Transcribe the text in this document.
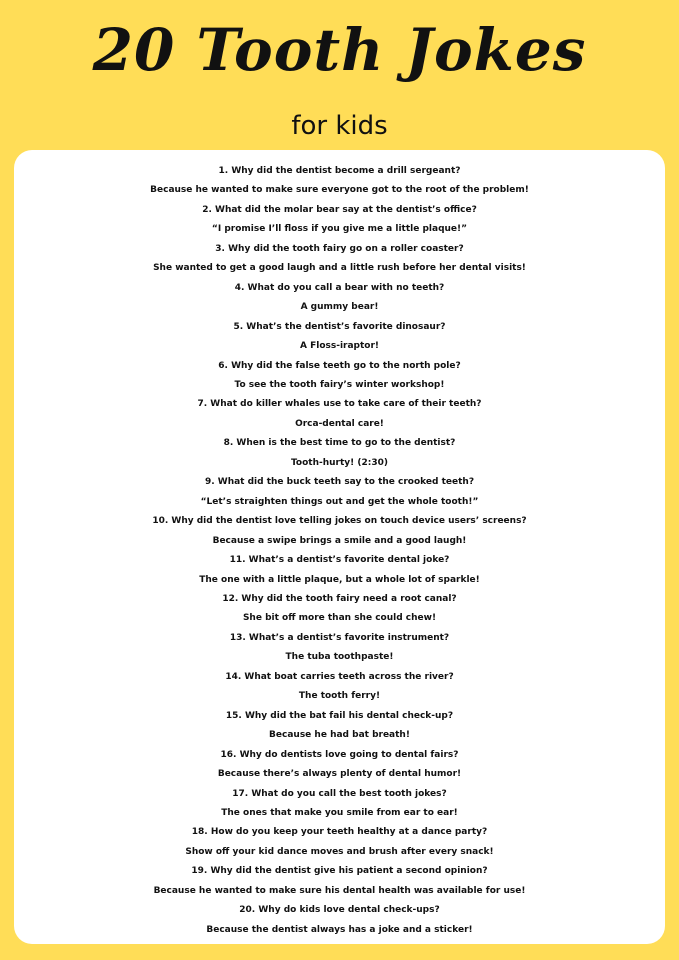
20 Tooth Jokes
for kids
1. Why did the dentist become a drill sergeant?
Because he wanted to make sure everyone got to the root of the problem!
2. What did the molar bear say at the dentist’s office?
“I promise I’ll floss if you give me a little plaque!”
3. Why did the tooth fairy go on a roller coaster?
She wanted to get a good laugh and a little rush before her dental visits!
4. What do you call a bear with no teeth?
A gummy bear!
5. What’s the dentist’s favorite dinosaur?
A Floss-iraptor!
6. Why did the false teeth go to the north pole?
To see the tooth fairy’s winter workshop!
7. What do killer whales use to take care of their teeth?
Orca-dental care!
8. When is the best time to go to the dentist?
Tooth-hurty! (2:30)
9. What did the buck teeth say to the crooked teeth?
“Let’s straighten things out and get the whole tooth!”
10. Why did the dentist love telling jokes on touch device users’ screens?
Because a swipe brings a smile and a good laugh!
11. What’s a dentist’s favorite dental joke?
The one with a little plaque, but a whole lot of sparkle!
12. Why did the tooth fairy need a root canal?
She bit off more than she could chew!
13. What’s a dentist’s favorite instrument?
The tuba toothpaste!
14. What boat carries teeth across the river?
The tooth ferry!
15. Why did the bat fail his dental check-up?
Because he had bat breath!
16. Why do dentists love going to dental fairs?
Because there’s always plenty of dental humor!
17. What do you call the best tooth jokes?
The ones that make you smile from ear to ear!
18. How do you keep your teeth healthy at a dance party?
Show off your kid dance moves and brush after every snack!
19. Why did the dentist give his patient a second opinion?
Because he wanted to make sure his dental health was available for use!
20. Why do kids love dental check-ups?
Because the dentist always has a joke and a sticker!
